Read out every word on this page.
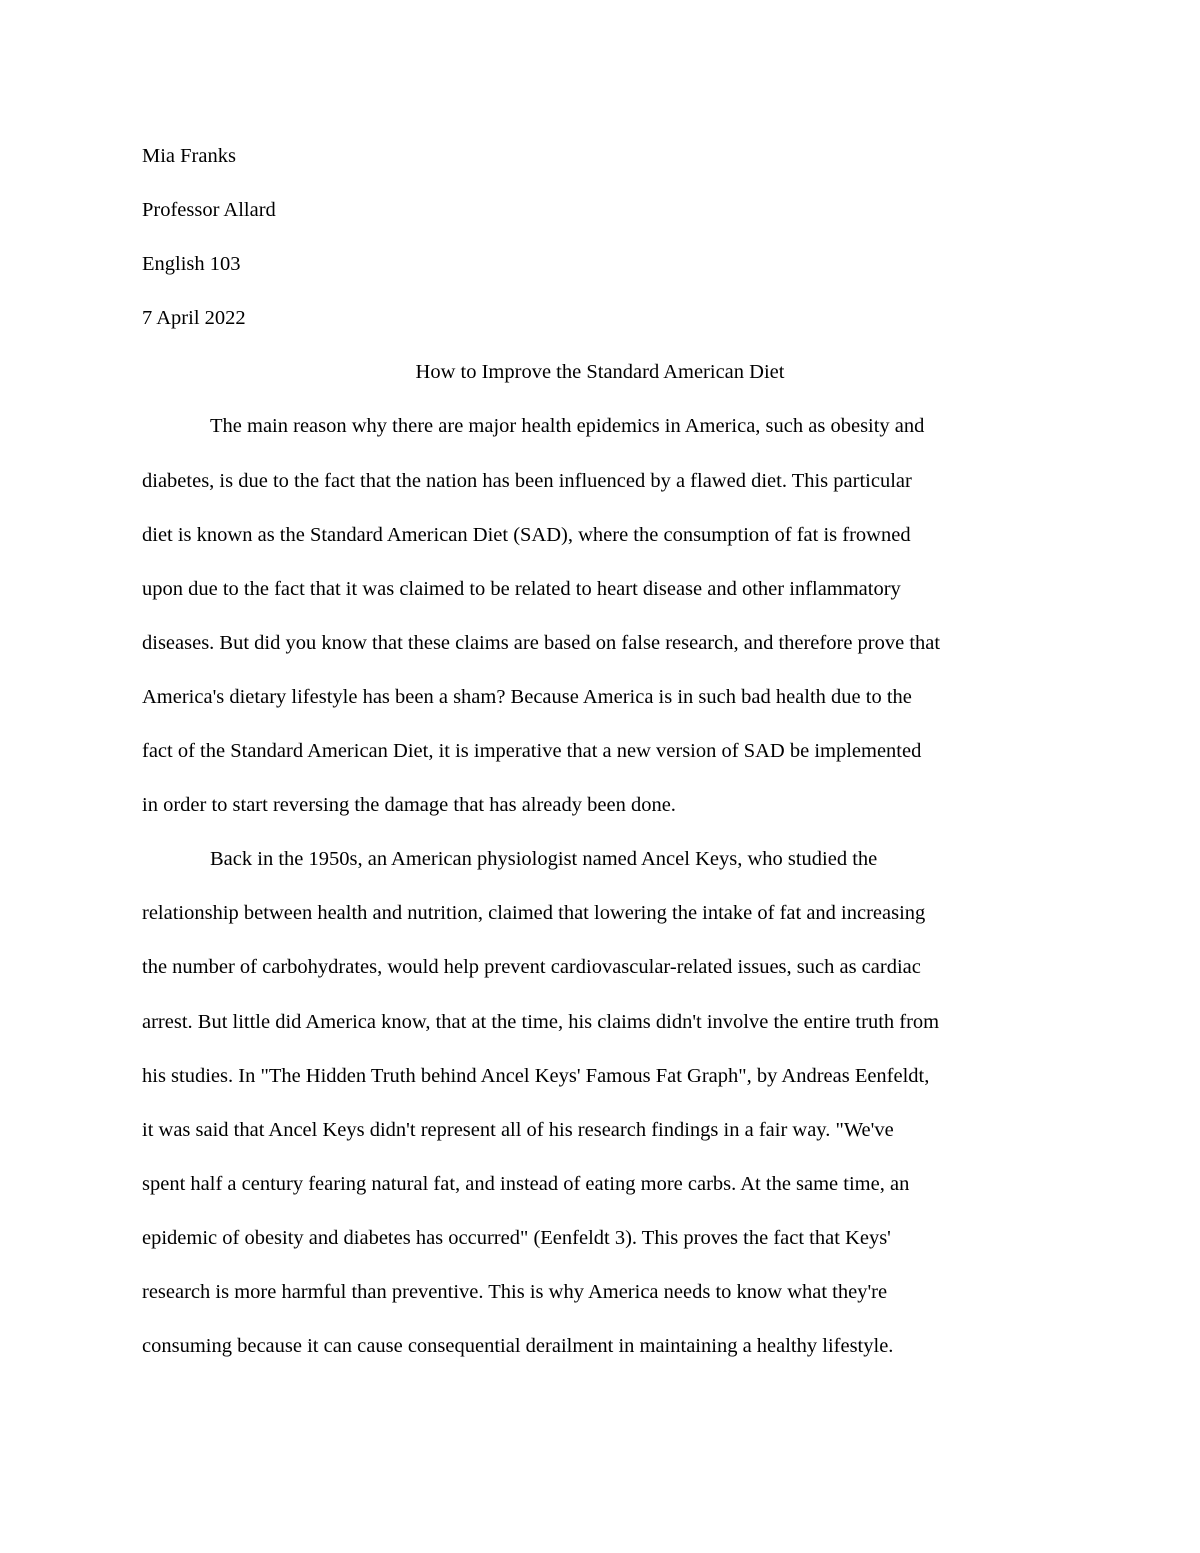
Mia Franks
Professor Allard
English 103
7 April 2022
How to Improve the Standard American Diet

The main reason why there are major health epidemics in America, such as obesity and
diabetes, is due to the fact that the nation has been influenced by a flawed diet. This particular
diet is known as the Standard American Diet (SAD), where the consumption of fat is frowned
upon due to the fact that it was claimed to be related to heart disease and other inflammatory
diseases. But did you know that these claims are based on false research, and therefore prove that
America's dietary lifestyle has been a sham? Because America is in such bad health due to the
fact of the Standard American Diet, it is imperative that a new version of SAD be implemented
in order to start reversing the damage that has already been done.

Back in the 1950s, an American physiologist named Ancel Keys, who studied the
relationship between health and nutrition, claimed that lowering the intake of fat and increasing
the number of carbohydrates, would help prevent cardiovascular-related issues, such as cardiac
arrest. But little did America know, that at the time, his claims didn't involve the entire truth from
his studies. In "The Hidden Truth behind Ancel Keys' Famous Fat Graph", by Andreas Eenfeldt,
it was said that Ancel Keys didn't represent all of his research findings in a fair way. "We've
spent half a century fearing natural fat, and instead of eating more carbs. At the same time, an
epidemic of obesity and diabetes has occurred" (Eenfeldt 3). This proves the fact that Keys'
research is more harmful than preventive. This is why America needs to know what they're
consuming because it can cause consequential derailment in maintaining a healthy lifestyle.
